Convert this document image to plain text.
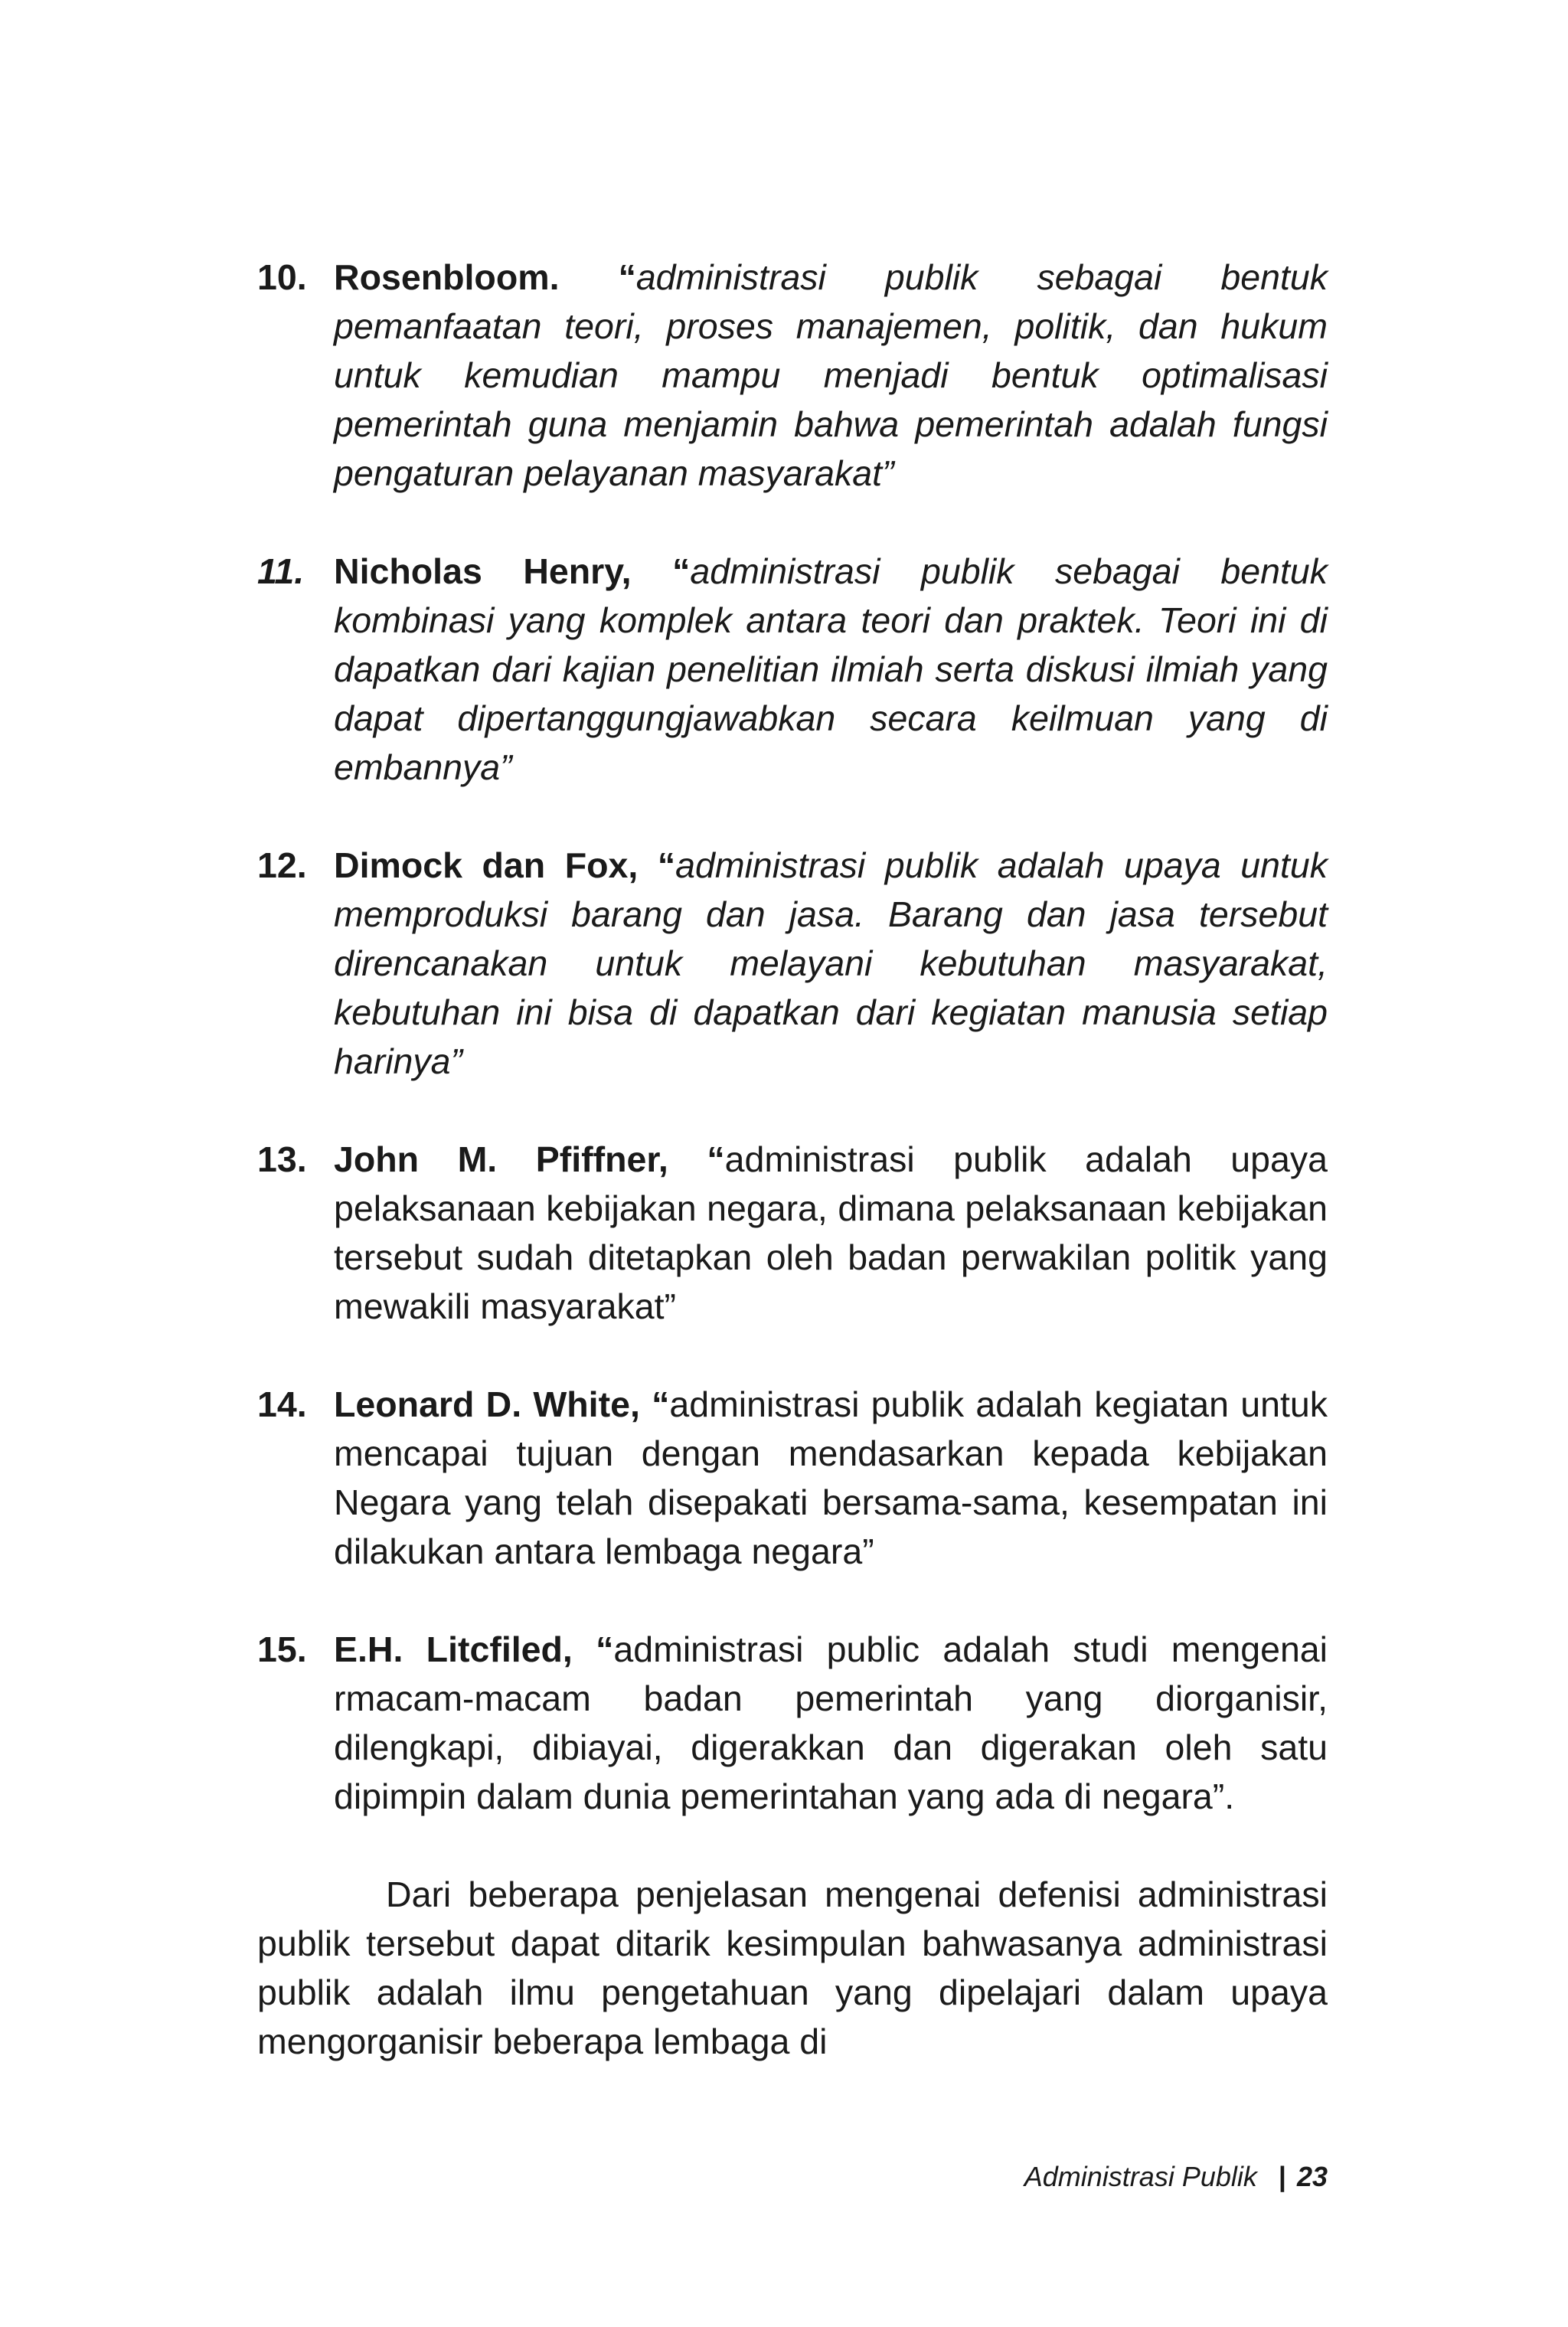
10. Rosenbloom. “administrasi publik sebagai bentuk pemanfaatan teori, proses manajemen, politik, dan hukum untuk kemudian mampu menjadi bentuk optimalisasi pemerintah guna menjamin bahwa pemerintah adalah fungsi pengaturan pelayanan masyarakat”
11. Nicholas Henry, “administrasi publik sebagai bentuk kombinasi yang komplek antara teori dan praktek. Teori ini di dapatkan dari kajian penelitian ilmiah serta diskusi ilmiah yang dapat dipertanggungjawabkan secara keilmuan yang di embannya”
12. Dimock dan Fox, “administrasi publik adalah upaya untuk memproduksi barang dan jasa. Barang dan jasa tersebut direncanakan untuk melayani kebutuhan masyarakat, kebutuhan ini bisa di dapatkan dari kegiatan manusia setiap harinya”
13. John M. Pfiffner, “administrasi publik adalah upaya pelaksanaan kebijakan negara, dimana pelaksanaan kebijakan tersebut sudah ditetapkan oleh badan perwakilan politik yang mewakili masyarakat”
14. Leonard D. White, “administrasi publik adalah kegiatan untuk mencapai tujuan dengan mendasarkan kepada kebijakan Negara yang telah disepakati bersama-sama, kesempatan ini dilakukan antara lembaga negara”
15. E.H. Litcfiled, “administrasi public adalah studi mengenai rmacam-macam badan pemerintah yang diorganisir, dilengkapi, dibiayai, digerakkan dan digerakan oleh satu dipimpin dalam dunia pemerintahan yang ada di negara”.

Dari beberapa penjelasan mengenai defenisi administrasi publik tersebut dapat ditarik kesimpulan bahwasanya administrasi publik adalah ilmu pengetahuan yang dipelajari dalam upaya mengorganisir beberapa lembaga di

Administrasi Publik | 23
